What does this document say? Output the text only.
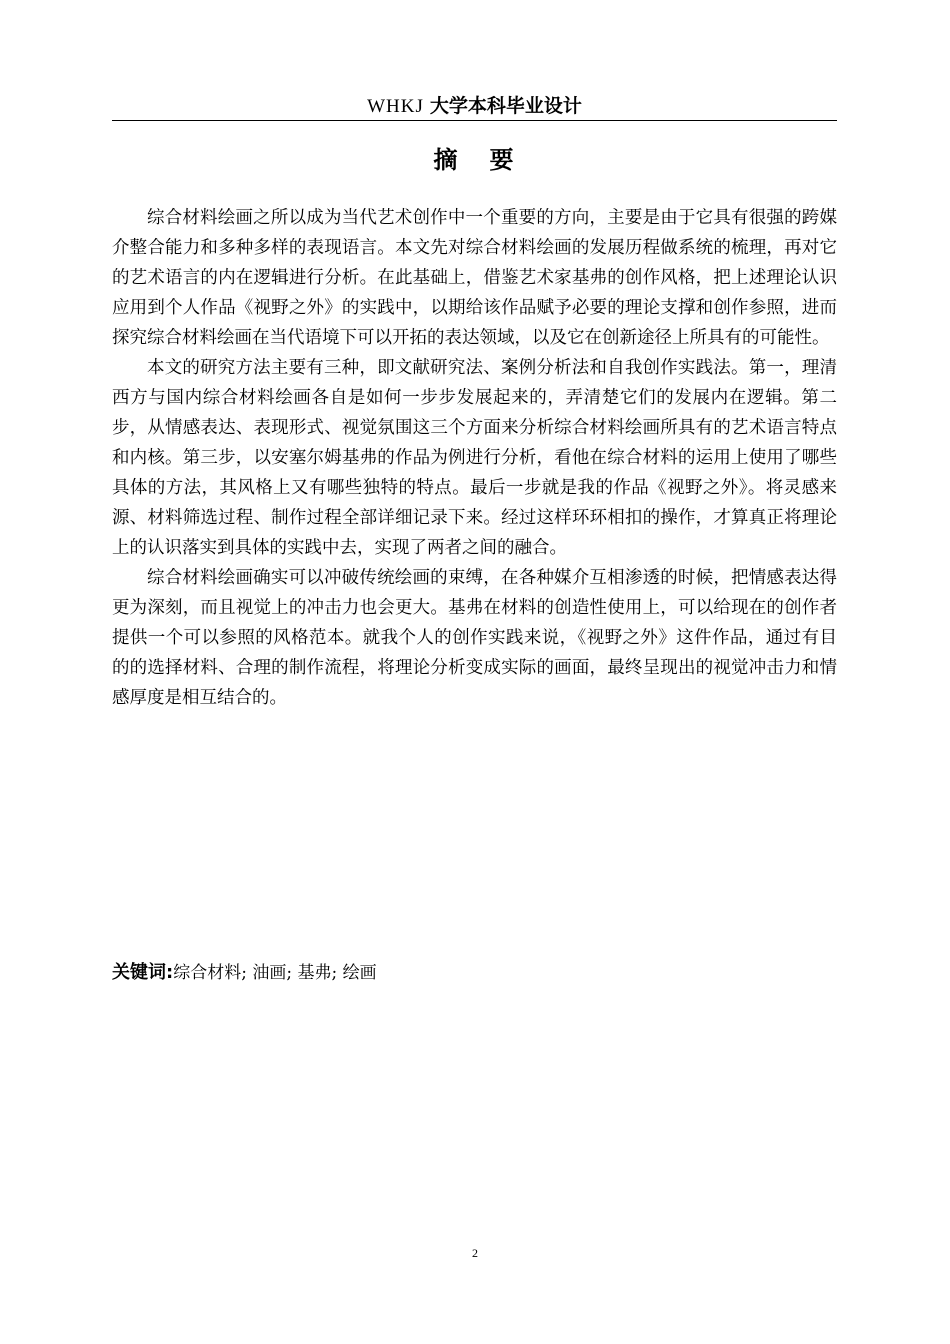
WHKJ 大学本科毕业设计
摘 要

综合材料绘画之所以成为当代艺术创作中一个重要的方向，主要是由于它具有很强的跨媒介整合能力和多种多样的表现语言。本文先对综合材料绘画的发展历程做系统的梳理，再对它的艺术语言的内在逻辑进行分析。在此基础上，借鉴艺术家基弗的创作风格，把上述理论认识应用到个人作品《视野之外》的实践中，以期给该作品赋予必要的理论支撑和创作参照，进而探究综合材料绘画在当代语境下可以开拓的表达领域，以及它在创新途径上所具有的可能性。

本文的研究方法主要有三种，即文献研究法、案例分析法和自我创作实践法。第一，理清西方与国内综合材料绘画各自是如何一步步发展起来的，弄清楚它们的发展内在逻辑。第二步，从情感表达、表现形式、视觉氛围这三个方面来分析综合材料绘画所具有的艺术语言特点和内核。第三步，以安塞尔姆基弗的作品为例进行分析，看他在综合材料的运用上使用了哪些具体的方法，其风格上又有哪些独特的特点。最后一步就是我的作品《视野之外》。将灵感来源、材料筛选过程、制作过程全部详细记录下来。经过这样环环相扣的操作，才算真正将理论上的认识落实到具体的实践中去，实现了两者之间的融合。

综合材料绘画确实可以冲破传统绘画的束缚，在各种媒介互相渗透的时候，把情感表达得更为深刻，而且视觉上的冲击力也会更大。基弗在材料的创造性使用上，可以给现在的创作者提供一个可以参照的风格范本。就我个人的创作实践来说，《视野之外》这件作品，通过有目的的选择材料、合理的制作流程，将理论分析变成实际的画面，最终呈现出的视觉冲击力和情感厚度是相互结合的。

关键词:综合材料; 油画; 基弗; 绘画
2
